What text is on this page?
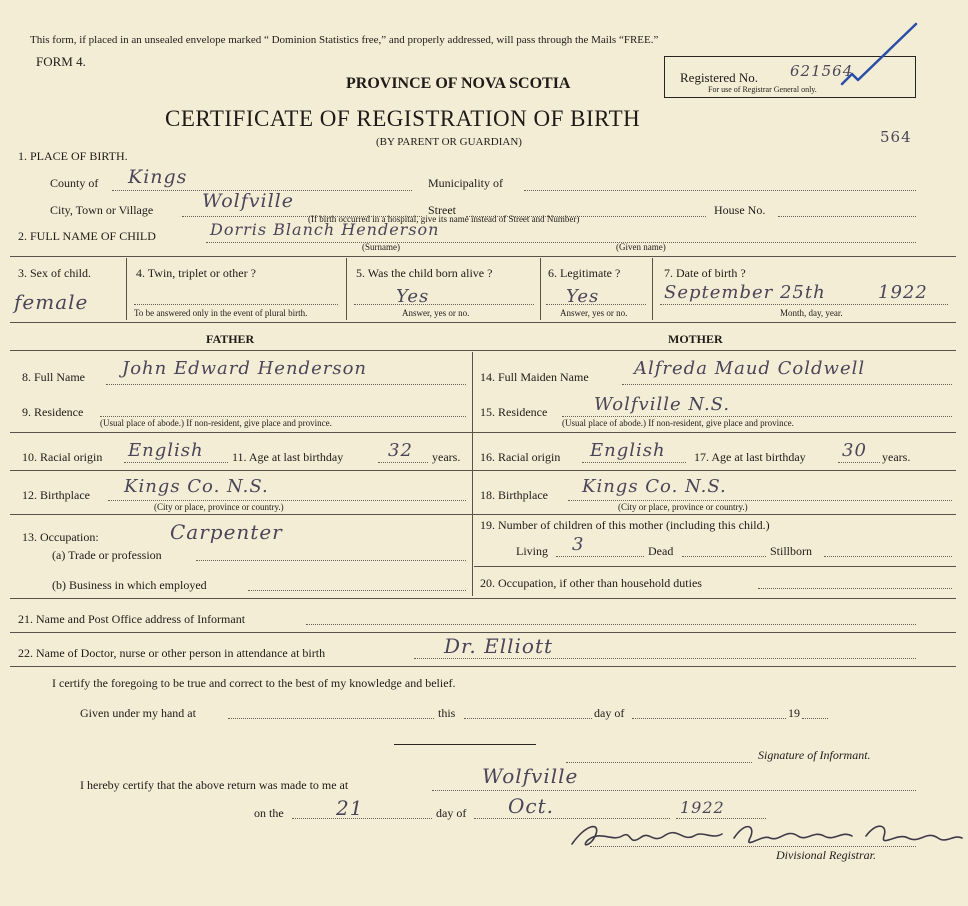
This form, if placed in an unsealed envelope marked “ Dominion Statistics free,” and properly addressed, will pass through the Mails “FREE.”
FORM 4.
PROVINCE OF NOVA SCOTIA
CERTIFICATE OF REGISTRATION OF BIRTH
(BY PARENT OR GUARDIAN)	564
Registered No. 621564
For use of Registrar General only.
1. PLACE OF BIRTH.
County of Kings	Municipality of
City, Town or Village	Wolfville	Street	House No.
(If birth occurred in a hospital, give its name instead of Street and Number)
2. FULL NAME OF CHILD	Dorris Blanch Henderson
(Surname)	(Given name)
3. Sex of child.
female
4. Twin, triplet or other ?
To be answered only in the event of plural birth.
5. Was the child born alive ?
Yes
Answer, yes or no.
6. Legitimate ?
Yes
Answer, yes or no.
7. Date of birth ?
September 25th	1922
Month, day, year.
FATHER	MOTHER
8. Full Name John Edward Henderson	14. Full Maiden Name	Alfreda Maud Coldwell
9. Residence
(Usual place of abode.) If non-resident, give place and province.
15. Residence	Wolfville N.S.
(Usual place of abode.) If non-resident, give place and province.
10. Racial origin English 11. Age at last birthday 32 years. 16. Racial origin English 17. Age at last birthday 30 years.
12. Birthplace Kings Co. N.S.
(City or place, province or country.)
18. Birthplace Kings Co. N.S.
(City or place, province or country.)
13. Occupation:	Carpenter
(a) Trade or profession
(b) Business in which employed
19. Number of children of this mother (including this child.)
Living 3	Dead	Stillborn
20. Occupation, if other than household duties
21. Name and Post Office address of Informant
22. Name of Doctor, nurse or other person in attendance at birth	Dr. Elliott
I certify the foregoing to be true and correct to the best of my knowledge and belief.
Given under my hand at	this	day of	19
Signature of Informant.
I hereby certify that the above return was made to me at	Wolfville
on the	21	day of Oct.	1922
Divisional Registrar.
